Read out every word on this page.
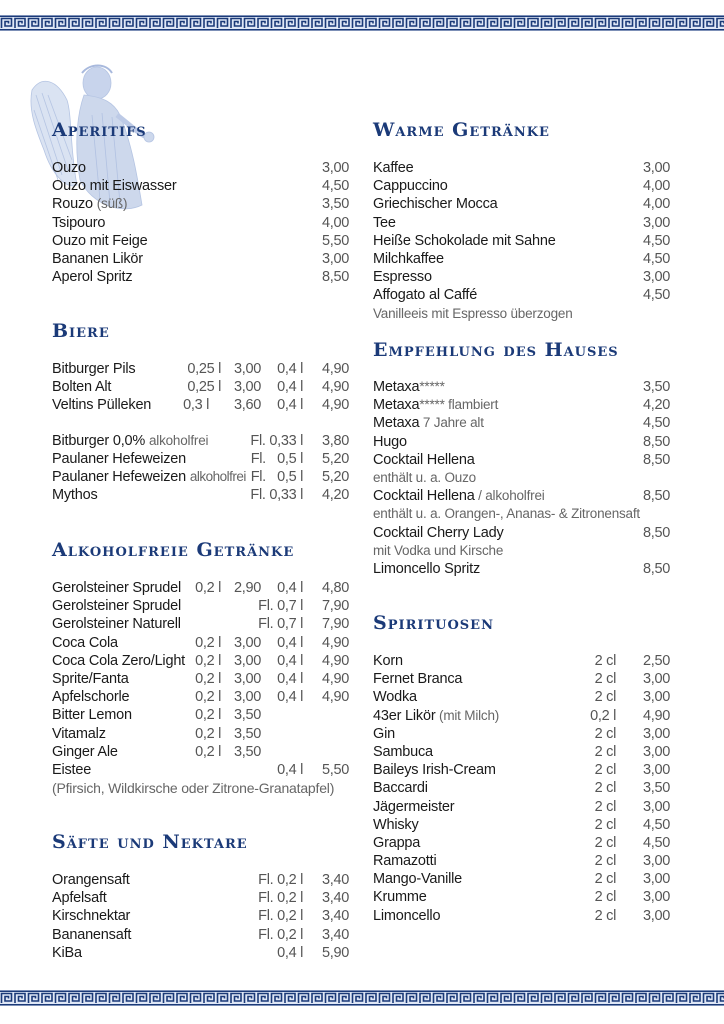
Aperitifs
Ouzo	3,00
Ouzo mit Eiswasser	4,50
Rouzo (süß)	3,50
Tsipouro	4,00
Ouzo mit Feige	5,50
Bananen Likör	3,00
Aperol Spritz	8,50
Biere
Bitburger Pils	0,25 l 3,00	0,4 l	4,90
Bolten Alt	0,25 l 3,00	0,4 l	4,90
Veltins Pülleken	0,3 l	3,60	0,4 l	4,90
Bitburger 0,0% alkoholfrei	Fl. 0,33 l	3,80
Paulaner Hefeweizen	Fl.   0,5 l	5,20
Paulaner Hefeweizen alkoholfrei Fl.   0,5 l	5,20
Mythos	Fl. 0,33 l	4,20
Alkoholfreie Getränke
Gerolsteiner Sprudel 0,2 l 2,90	0,4 l	4,80
Gerolsteiner Sprudel	Fl. 0,7 l	7,90
Gerolsteiner Naturell	Fl. 0,7 l	7,90
Coca Cola	0,2 l 3,00	0,4 l	4,90
Coca Cola Zero/Light 0,2 l 3,00	0,4 l	4,90
Sprite/Fanta	0,2 l 3,00	0,4 l	4,90
Apfelschorle	0,2 l 3,00	0,4 l	4,90
Bitter Lemon	0,2 l 3,50
Vitamalz	0,2 l 3,50
Ginger Ale	0,2 l 3,50
Eistee	0,4 l	5,50
(Pfirsich, Wildkirsche oder Zitrone-Granatapfel)
Säfte und Nektare
Orangensaft	Fl. 0,2 l	3,40
Apfelsaft	Fl. 0,2 l	3,40
Kirschnektar	Fl. 0,2 l	3,40
Bananensaft	Fl. 0,2 l	3,40
KiBa	0,4 l	5,90
Warme Getränke
Kaffee	3,00
Cappuccino	4,00
Griechischer Mocca	4,00
Tee	3,00
Heiße Schokolade mit Sahne	4,50
Milchkaffee	4,50
Espresso	3,00
Affogato al Caffé	4,50
Vanilleeis mit Espresso überzogen
Empfehlung des Hauses
Metaxa*****	3,50
Metaxa***** flambiert	4,20
Metaxa 7 Jahre alt	4,50
Hugo	8,50
Cocktail Hellena	8,50
enthält u. a. Ouzo
Cocktail Hellena / alkoholfrei	8,50
enthält u. a. Orangen-, Ananas- & Zitronensaft
Cocktail Cherry Lady	8,50
mit Vodka und Kirsche
Limoncello Spritz	8,50
Spirituosen
Korn	2 cl	2,50
Fernet Branca	2 cl	3,00
Wodka	2 cl	3,00
43er Likör (mit Milch)	0,2 l	4,90
Gin	2 cl	3,00
Sambuca	2 cl	3,00
Baileys Irish-Cream	2 cl	3,00
Baccardi	2 cl	3,50
Jägermeister	2 cl	3,00
Whisky	2 cl	4,50
Grappa	2 cl	4,50
Ramazotti	2 cl	3,00
Mango-Vanille	2 cl	3,00
Krumme	2 cl	3,00
Limoncello	2 cl	3,00
